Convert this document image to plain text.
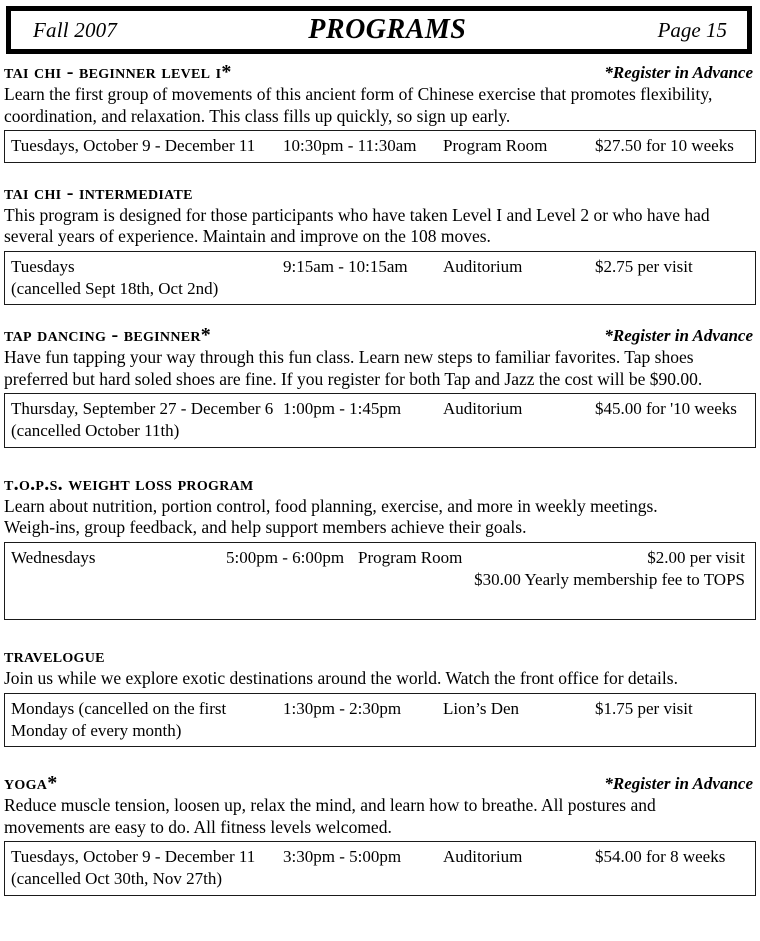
Fall 2007	PROGRAMS	Page 15
tai chi - beginner level i*	*Register in Advance
Learn the first group of movements of this ancient form of Chinese exercise that promotes flexibility,
coordination, and relaxation. This class fills up quickly, so sign up early.
Tuesdays, October 9 - December 11	10:30pm - 11:30am	Program Room	$27.50 for 10 weeks
tai chi - intermediate
This program is designed for those participants who have taken Level I and Level 2 or who have had
several years of experience. Maintain and improve on the 108 moves.
Tuesdays	9:15am - 10:15am	Auditorium	$2.75 per visit
(cancelled Sept 18th, Oct 2nd)
tap dancing - beginner*	*Register in Advance
Have fun tapping your way through this fun class. Learn new steps to familiar favorites. Tap shoes
preferred but hard soled shoes are fine. If you register for both Tap and Jazz the cost will be $90.00.
Thursday, September 27 - December 6 1:00pm - 1:45pm	Auditorium	$45.00 for '10 weeks
(cancelled October 11th)
t.o.p.s. weight loss program
Learn about nutrition, portion control, food planning, exercise, and more in weekly meetings.
Weigh-ins, group feedback, and help support members achieve their goals.
Wednesdays	5:00pm - 6:00pm Program Room	$2.00 per visit
$30.00 Yearly membership fee to TOPS
travelogue
Join us while we explore exotic destinations around the world. Watch the front office for details.
Mondays (cancelled on the first	1:30pm - 2:30pm	Lion’s Den	$1.75 per visit
Monday of every month)
yoga*	*Register in Advance
Reduce muscle tension, loosen up, relax the mind, and learn how to breathe. All postures and
movements are easy to do. All fitness levels welcomed.
Tuesdays, October 9 - December 11	3:30pm - 5:00pm	Auditorium	$54.00 for 8 weeks
(cancelled Oct 30th, Nov 27th)
